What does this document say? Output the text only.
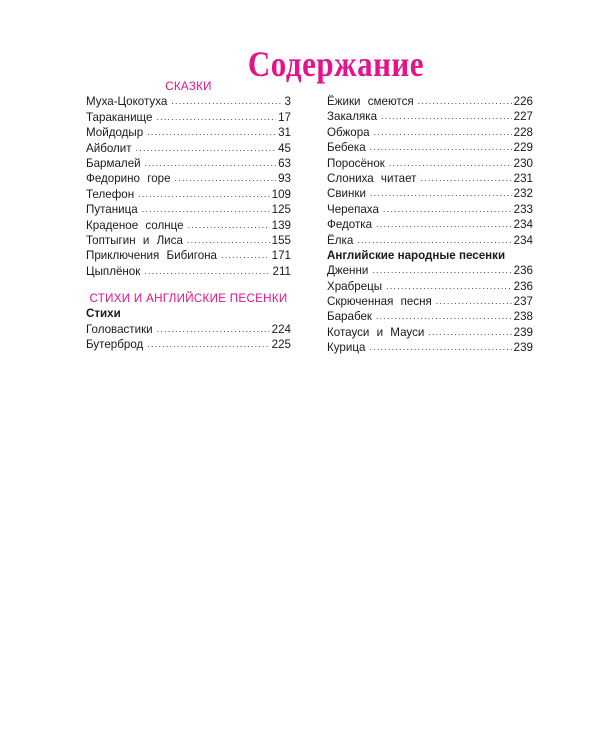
Содержание
СКАЗКИ
Муха-Цокотуха .....	3
Тараканище .....	17
Мойдодыр .....	31
Айболит .....	45
Бармалей .....	63
Федорино горе .....	93
Телефон .....	109
Путаница .....	125
Краденое солнце .....	139
Топтыгин и Лиса .....	155
Приключения Бибигона .....	171
Цыплёнок .....	211
СТИХИ И АНГЛИЙСКИЕ ПЕСЕНКИ
Стихи
Головастики .....	224
Бутерброд .....	225
Ёжики смеются .....	226
Закаляка .....	227
Обжора .....	228
Бебека .....	229
Поросёнок .....	230
Слониха читает .....	231
Свинки .....	232
Черепаха .....	233
Федотка .....	234
Ёлка .....	234
Английские народные песенки
Дженни .....	236
Храбрецы .....	236
Скрюченная песня .....	237
Барабек .....	238
Котауси и Мауси .....	239
Курица .....	239
